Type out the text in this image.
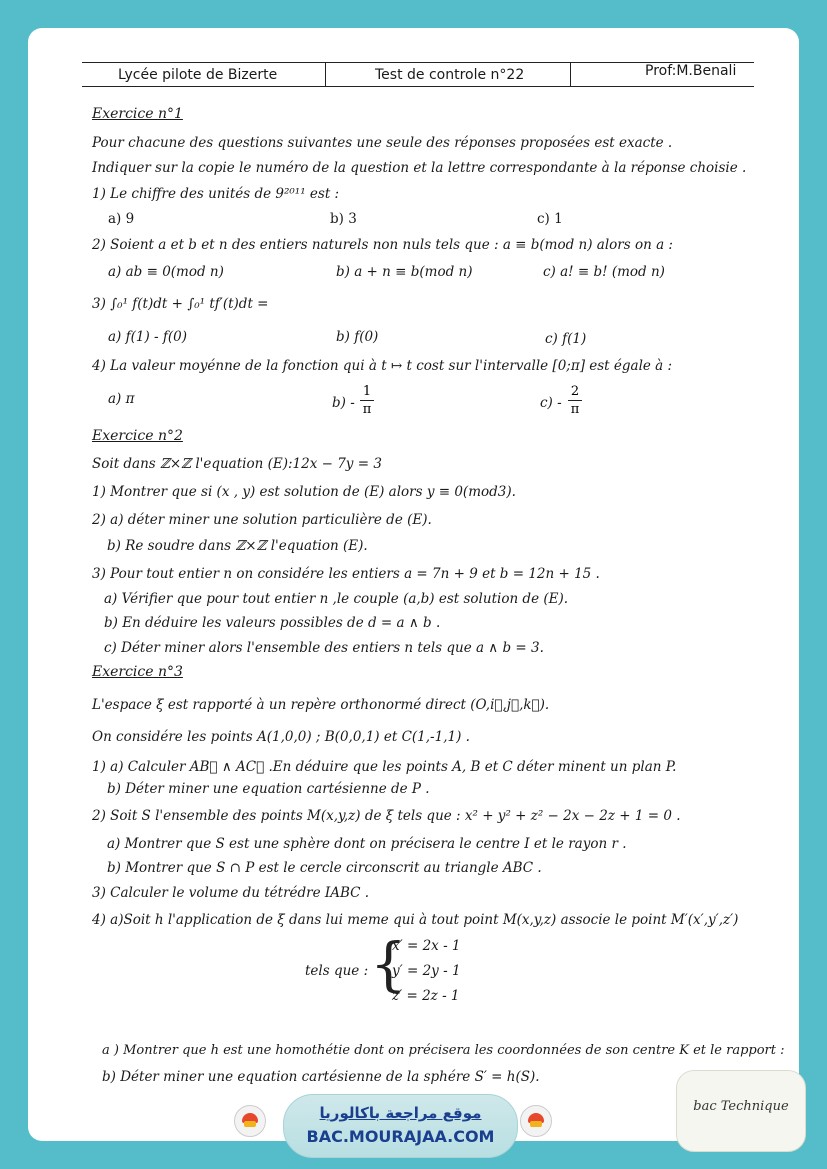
Lycée pilote de Bizerte	Test de controle n°22	Prof:M.Benali
Exercice n°1
Pour chacune des questions suivantes une seule des réponses proposées est exacte .
Indiquer sur la copie le numéro de la question et la lettre correspondante à la réponse choisie .
1) Le chiffre des unités de 9²⁰¹¹ est :
a) 9	b) 3	c) 1
2) Soient a et b et n des entiers naturels non nuls tels que : a ≡ b(mod n) alors on a :
a) ab ≡ 0(mod n)	b) a + n ≡ b(mod n)	c) a! ≡ b! (mod n)
3) ∫₀¹ f(t)dt + ∫₀¹ tf′(t)dt =
a) f(1) - f(0)	b) f(0)	c) f(1)
4) La valeur moyénne de la fonction qui à t ↦ t cost sur l'intervalle [0;π] est égale à :
a) π	b) -
1
π	c) -
2
π
Exercice n°2
Soit dans ℤ×ℤ l'equation (E):12x − 7y = 3
1) Montrer que si (x , y) est solution de (E) alors y ≡ 0(mod3).
2) a) déter miner une solution particulière de (E).
b) Re soudre dans ℤ×ℤ l'equation (E).
3) Pour tout entier n on considére les entiers a = 7n + 9 et b = 12n + 15 .
a) Vérifier que pour tout entier n ,le couple (a,b) est solution de (E).
b) En déduire les valeurs possibles de d = a ∧ b .
c) Déter miner alors l'ensemble des entiers n tels que a ∧ b = 3.
Exercice n°3
L'espace ξ est rapporté à un repère orthonormé direct (O,i⃗,j⃗,k⃗).
On considére les points A(1,0,0) ; B(0,0,1) et C(1,-1,1) .
1) a) Calculer AB⃗ ∧ AC⃗ .En déduire que les points A, B et C déter minent un plan P.
b) Déter miner une equation cartésienne de P .
2) Soit S l'ensemble des points M(x,y,z) de ξ tels que : x² + y² + z² − 2x − 2z + 1 = 0 .
a) Montrer que S est une sphère dont on précisera le centre I et le rayon r .
b) Montrer que S ∩ P est le cercle circonscrit au triangle ABC .
3) Calculer le volume du tétrédre IABC .
4) a)Soit h l'application de ξ dans lui meme qui à tout point M(x,y,z) associe le point M′(x′,y′,z′)
tels que : {
x′ = 2x - 1
y′ = 2y - 1
z′ = 2z - 1
a ) Montrer que h est une homothétie dont on précisera les coordonnées de son centre K et le rapport :
b) Déter miner une equation cartésienne de la sphére S′ = h(S).
موقع مراجعة باكالوريا
BAC.MOURAJAA.COM
bac Technique
